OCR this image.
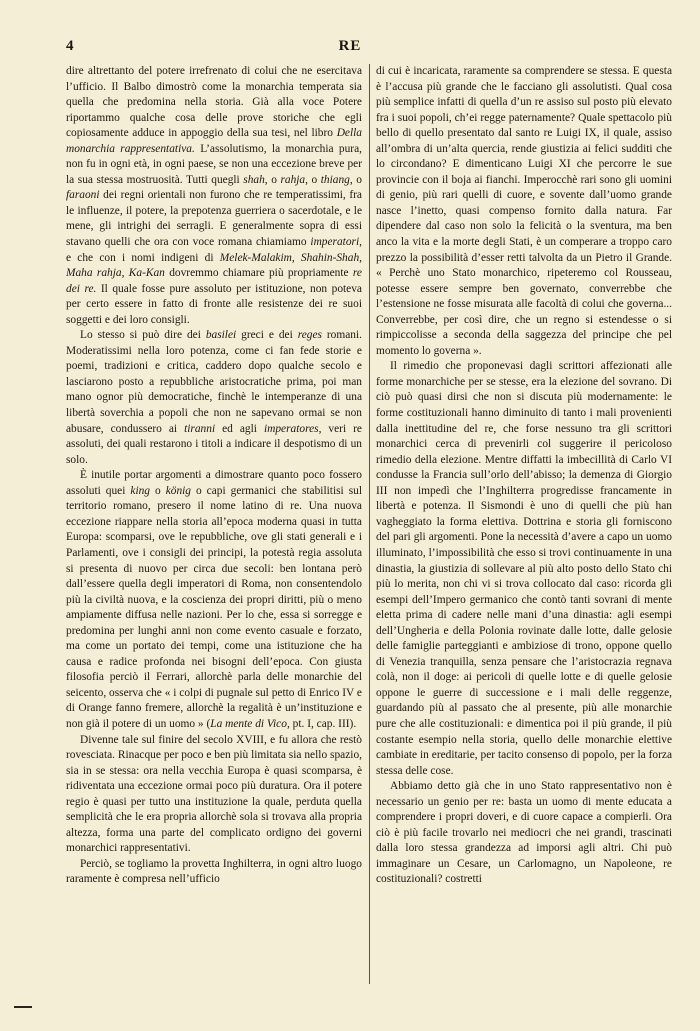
4	RE

dire altrettanto del potere irrefrenato di colui che ne esercitava l’ufficio. Il Balbo dimostrò come la monarchia temperata sia quella che predomina nella storia. Già alla voce Potere riportammo qualche cosa delle prove storiche che egli copiosamente adduce in appoggio della sua tesi, nel libro Della monarchia rappresentativa. L’assolutismo, la monarchia pura, non fu in ogni età, in ogni paese, se non una eccezione breve per la sua stessa mostruosità. Tutti quegli shah, o rahja, o thiang, o faraoni dei regni orientali non furono che re temperatissimi, fra le influenze, il potere, la prepotenza guerriera o sacerdotale, e le mene, gli intrighi dei serragli. E generalmente sopra di essi stavano quelli che ora con voce romana chiamiamo imperatori, e che con i nomi indigeni di Melek-Malakim, Shahin-Shah, Maha rahja, Ka-Kan dovremmo chiamare più propriamente re dei re. Il quale fosse pure assoluto per istituzione, non poteva per certo essere in fatto di fronte alle resistenze dei re suoi soggetti e dei loro consigli.

Lo stesso si può dire dei basilei greci e dei reges romani. Moderatissimi nella loro potenza, come ci fan fede storie e poemi, tradizioni e critica, caddero dopo qualche secolo e lasciarono posto a repubbliche aristocratiche prima, poi man mano ognor più democratiche, finchè le intemperanze di una libertà soverchia a popoli che non ne sapevano ormai se non abusare, condussero ai tiranni ed agli imperatores, veri re assoluti, dei quali restarono i titoli a indicare il despotismo di un solo.

È inutile portar argomenti a dimostrare quanto poco fossero assoluti quei king o könig o capi germanici che stabilitisi sul territorio romano, presero il nome latino di re. Una nuova eccezione riappare nella storia all’epoca moderna quasi in tutta Europa: scomparsi, ove le repubbliche, ove gli stati generali e i Parlamenti, ove i consigli dei principi, la potestà regia assoluta si presenta di nuovo per circa due secoli: ben lontana però dall’essere quella degli imperatori di Roma, non consentendolo più la civiltà nuova, e la coscienza dei propri diritti, più o meno ampiamente diffusa nelle nazioni. Per lo che, essa si sorregge e predomina per lunghi anni non come evento casuale e forzato, ma come un portato dei tempi, come una istituzione che ha causa e radice profonda nei bisogni dell’epoca. Con giusta filosofia perciò il Ferrari, allorchè parla delle monarchie del seicento, osserva che « i colpi di pugnale sul petto di Enrico IV e di Orange fanno fremere, allorchè la regalità è un’instituzione e non già il potere di un uomo » (La mente di Vico, pt. I, cap. III).

Divenne tale sul finire del secolo XVIII, e fu allora che restò rovesciata. Rinacque per poco e ben più limitata sia nello spazio, sia in se stessa: ora nella vecchia Europa è quasi scomparsa, è ridiventata una eccezione ormai poco più duratura. Ora il potere regio è quasi per tutto una instituzione la quale, perduta quella semplicità che le era propria allorchè sola si trovava alla propria altezza, forma una parte del complicato ordigno dei governi monarchici rappresentativi.

Perciò, se togliamo la provetta Inghilterra, in ogni altro luogo raramente è compresa nell’ufficio

di cui è incaricata, raramente sa comprendere se stessa. E questa è l’accusa più grande che le facciano gli assolutisti. Qual cosa più semplice infatti di quella d’un re assiso sul posto più elevato fra i suoi popoli, ch’ei regge paternamente? Quale spettacolo più bello di quello presentato dal santo re Luigi IX, il quale, assiso all’ombra di un’alta quercia, rende giustizia ai felici sudditi che lo circondano? E dimenticano Luigi XI che percorre le sue provincie con il boja ai fianchi. Imperocchè rari sono gli uomini di genio, più rari quelli di cuore, e sovente dall’uomo grande nasce l’inetto, quasi compenso fornito dalla natura. Far dipendere dal caso non solo la felicità o la sventura, ma ben anco la vita e la morte degli Stati, è un comperare a troppo caro prezzo la possibilità d’esser retti talvolta da un Pietro il Grande. « Perchè uno Stato monarchico, ripeteremo col Rousseau, potesse essere sempre ben governato, converrebbe che l’estensione ne fosse misurata alle facoltà di colui che governa... Converrebbe, per così dire, che un regno si estendesse o si rimpiccolisse a seconda della saggezza del principe che pel momento lo governa ».

Il rimedio che proponevasi dagli scrittori affezionati alle forme monarchiche per se stesse, era la elezione del sovrano. Di ciò può quasi dirsi che non si discuta più modernamente: le forme costituzionali hanno diminuito di tanto i mali provenienti dalla inettitudine del re, che forse nessuno tra gli scrittori monarchici cerca di prevenirli col suggerire il pericoloso rimedio della elezione. Mentre diffatti la imbecillità di Carlo VI condusse la Francia sull’orlo dell’abisso; la demenza di Giorgio III non impedì che l’Inghilterra progredisse francamente in libertà e potenza. Il Sismondi è uno di quelli che più han vagheggiato la forma elettiva. Dottrina e storia gli forniscono del pari gli argomenti. Pone la necessità d’avere a capo un uomo illuminato, l’impossibilità che esso si trovi continuamente in una dinastia, la giustizia di sollevare al più alto posto dello Stato chi più lo merita, non chi vi si trova collocato dal caso: ricorda gli esempi dell’Impero germanico che contò tanti sovrani di mente eletta prima di cadere nelle mani d’una dinastia: agli esempi dell’Ungheria e della Polonia rovinate dalle lotte, dalle gelosie delle famiglie parteggianti e ambiziose di trono, oppone quello di Venezia tranquilla, senza pensare che l’aristocrazia regnava colà, non il doge: ai pericoli di quelle lotte e di quelle gelosie oppone le guerre di successione e i mali delle reggenze, guardando più al passato che al presente, più alle monarchie pure che alle costituzionali: e dimentica poi il più grande, il più costante esempio nella storia, quello delle monarchie elettive cambiate in ereditarie, per tacito consenso di popolo, per la forza stessa delle cose.

Abbiamo detto già che in uno Stato rappresentativo non è necessario un genio per re: basta un uomo di mente educata a comprendere i propri doveri, e di cuore capace a compierli. Ora ciò è più facile trovarlo nei mediocri che nei grandi, trascinati dalla loro stessa grandezza ad imporsi agli altri. Chi può immaginare un Cesare, un Carlomagno, un Napoleone, re costituzionali? costretti
